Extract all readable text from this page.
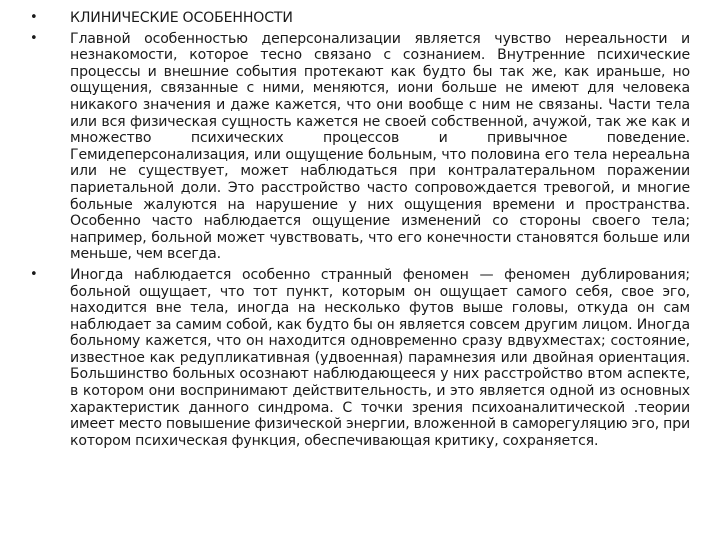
•	КЛИНИЧЕСКИЕ ОСОБЕННОСТИ
•	Главной особенностью деперсонализации является чувство нереальности и незнакомости, которое тесно связано с сознанием. Внутренние психические процессы и внешние события протекают как будто бы так же, как ираньше, но ощущения, связанные с ними, меняются, иони больше не имеют для человека никакого значения и даже кажется, что они вообще с ним не связаны. Части тела или вся физическая сущность кажется не своей собственной, ачужой, так же как и множество психических процессов и привычное поведение. Гемидеперсонализация, или ощущение больным, что половина его тела нереальна или не существует, может наблюдаться при контралатеральном поражении париетальной доли. Это расстройство часто сопровождается тревогой, и многие больные жалуются на нарушение у них ощущения времени и пространства. Особенно часто наблюдается ощущение изменений со стороны своего тела; например, больной может чувствовать, что его конечности становятся больше или меньше, чем всегда.
•	Иногда наблюдается особенно странный феномен — феномен дублирования; больной ощущает, что тот пункт, которым он ощущает самого себя, свое эго, находится вне тела, иногда на несколько футов выше головы, откуда он сам наблюдает за самим собой, как будто бы он является совсем другим лицом. Иногда больному кажется, что он находится одновременно сразу вдвухместах; состояние, известное как редупликативная (удвоенная) парамнезия или двойная ориентация. Большинство больных осознают наблюдающееся у них расстройство втом аспекте, в котором они воспринимают действительность, и это является одной из основных характеристик данного синдрома. С точки зрения психоаналитической .теории имеет место повышение физической энергии, вложенной в саморегуляцию эго, при котором психическая функция, обеспечивающая критику, сохраняется.
